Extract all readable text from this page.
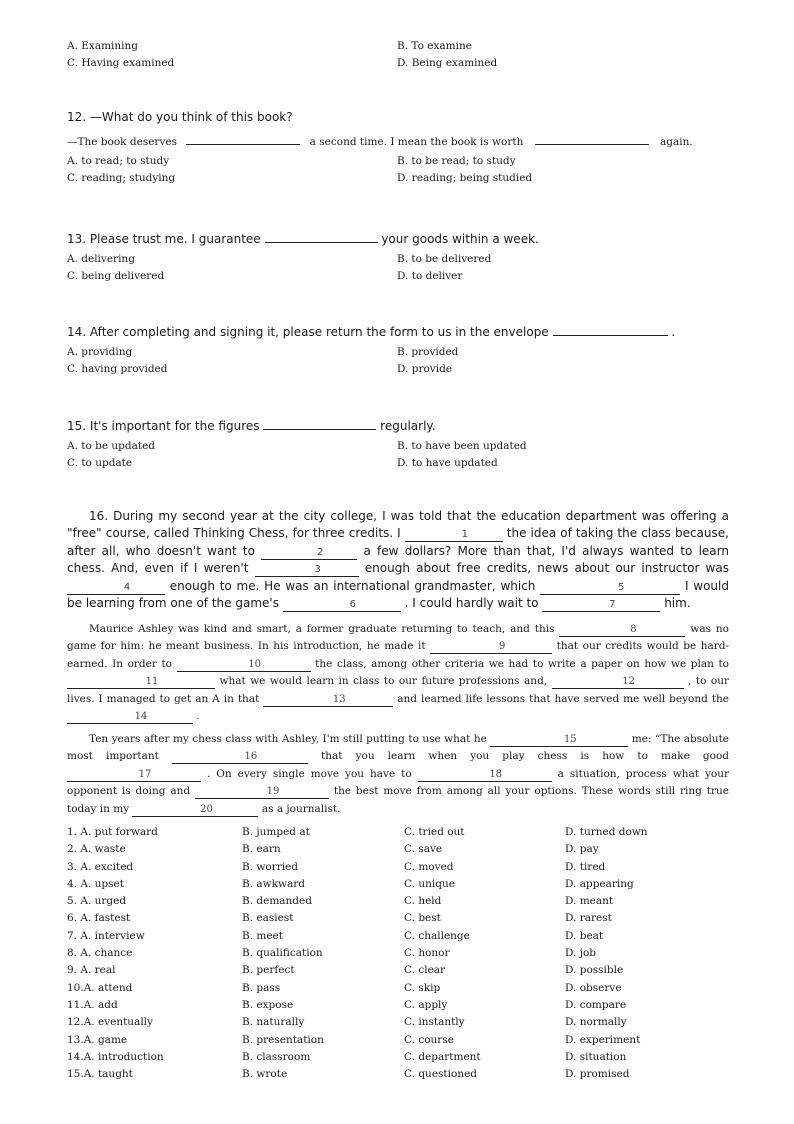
A. Examining	B. To examine
C. Having examined	D. Being examined

12. —What do you think of this book?

—The book deserves	a second time. I mean the book is worth	again.

A. to read; to study	B. to be read; to study
C. reading; studying	D. reading; being studied

13. Please trust me. I guarantee	your goods within a week.

A. delivering	B. to be delivered
C. being delivered	D. to deliver

14. After completing and signing it, please return the form to us in the envelope	.

A. providing	B. provided
C. having provided	D. provide

15. It's important for the figures	regularly.

A. to be updated	B. to have been updated
C. to update	D. to have updated

16. During my second year at the city college, I was told that the education department was offering a "free" course, called Thinking Chess, for three credits. I	1	the idea of taking the class because, after all, who doesn't want to	2	a few dollars? More than that, I'd always wanted to learn chess. And, even if I weren't	3	enough about free credits, news about our instructor was 4	enough to me. He was an international grandmaster, which	5	I would be learning from one of the game's	6	. I could hardly wait to	7	him.

Maurice Ashley was kind and smart, a former graduate returning to teach, and this	8	was no game for him: he meant business. In his introduction, he made it	9	that our credits would be hard-earned. In order to	10	the class, among other criteria we had to write a paper on how we plan to 11	what we would learn in class to our future professions and,	12	, to our lives. I managed to get an A in that	13	and learned life lessons that have served me well beyond the 14	.

Ten years after my chess class with Ashley, I'm still putting to use what he	15	me: “The absolute most important	16	that you learn when you play chess is how to make good 17	. On every single move you have to	18	a situation, process what your opponent is doing and	19	the best move from among all your options. These words still ring true today in my	20	as a journalist.

1. A. put forward	B. jumped at	C. tried out	D. turned down
2. A. waste	B. earn	C. save	D. pay
3. A. excited	B. worried	C. moved	D. tired
4. A. upset	B. awkward	C. unique	D. appearing
5. A. urged	B. demanded	C. held	D. meant
6. A. fastest	B. easiest	C. best	D. rarest
7. A. interview	B. meet	C. challenge	D. beat
8. A. chance	B. qualification	C. honor	D. job
9. A. real	B. perfect	C. clear	D. possible
10.A. attend	B. pass	C. skip	D. observe
11.A. add	B. expose	C. apply	D. compare
12.A. eventually	B. naturally	C. instantly	D. normally
13.A. game	B. presentation	C. course	D. experiment
14.A. introduction	B. classroom	C. department	D. situation
15.A. taught	B. wrote	C. questioned	D. promised
